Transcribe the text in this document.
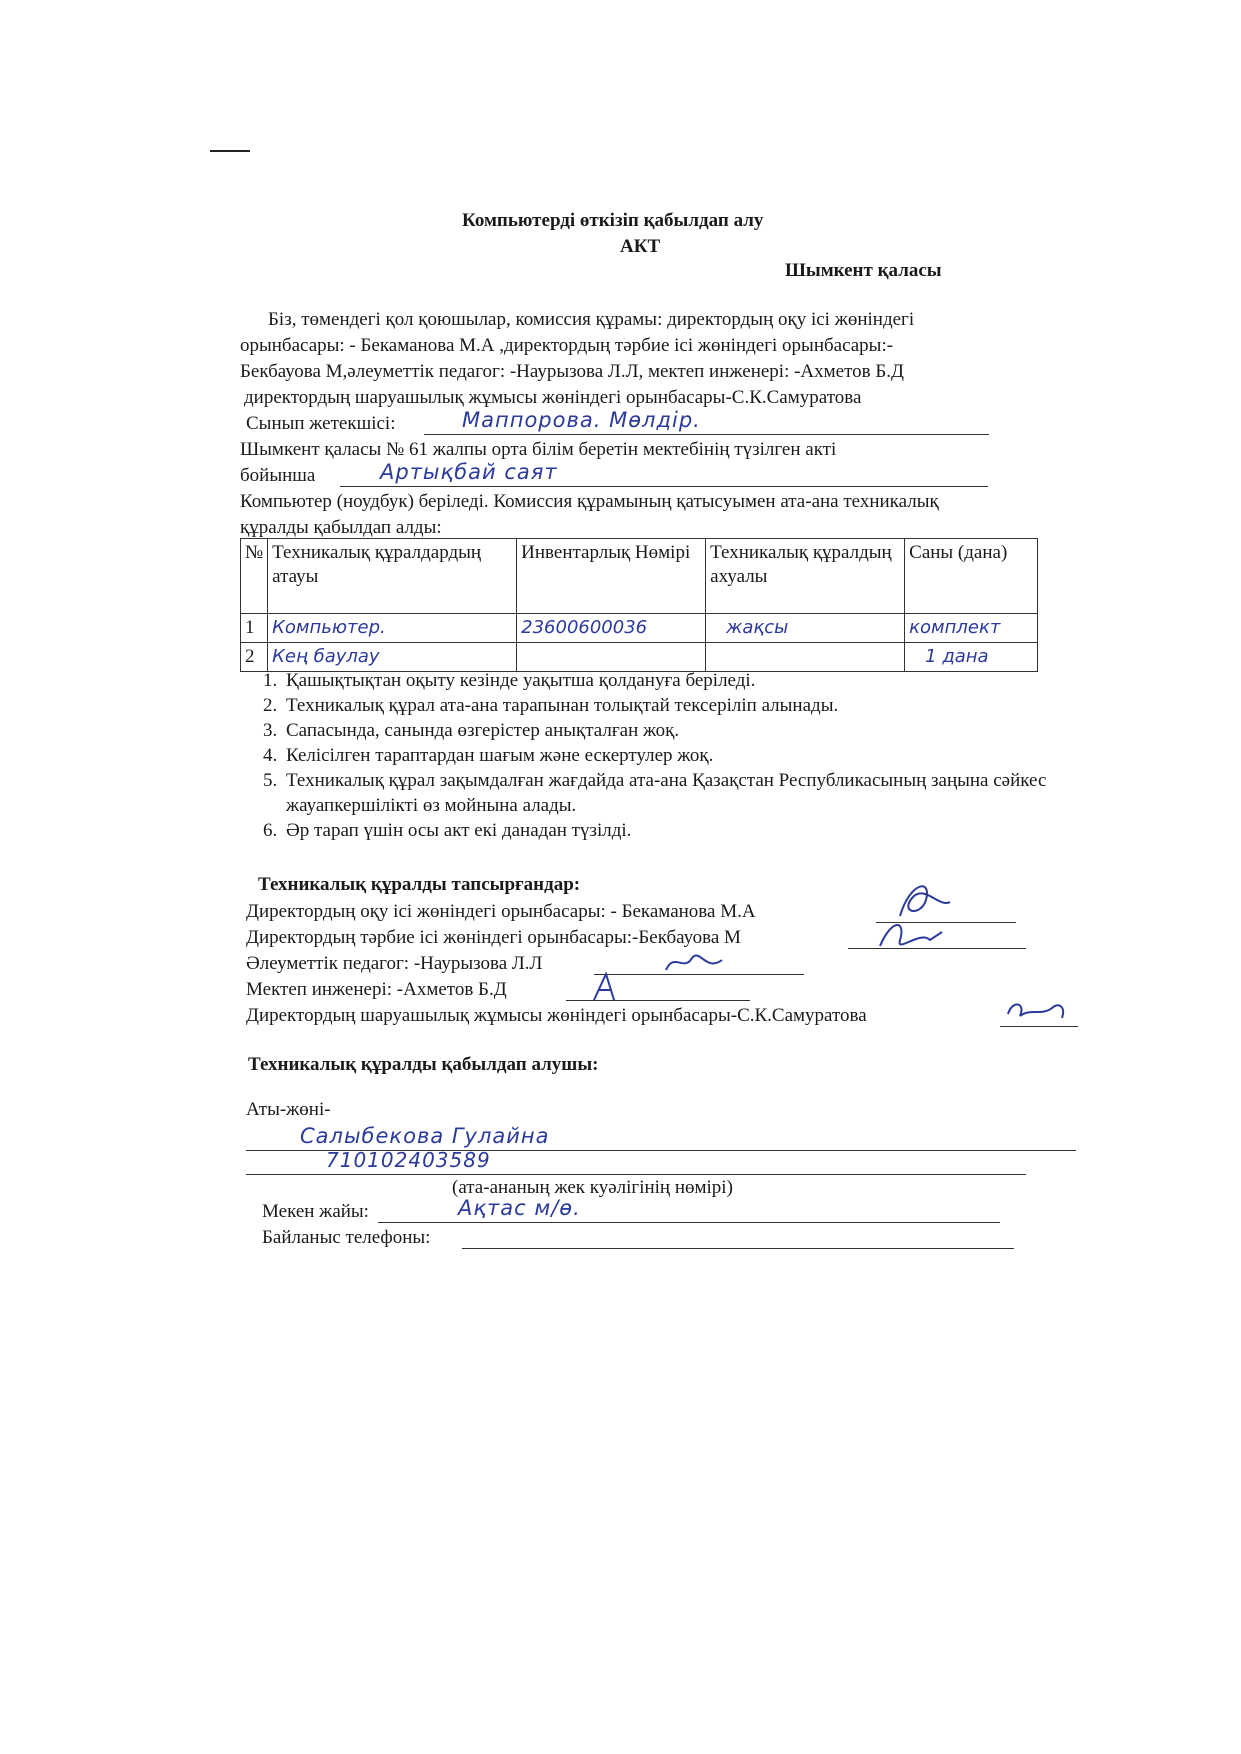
Компьютерді өткізіп қабылдап алу
АКТ
Шымкент қаласы
Біз, төмендегі қол қоюшылар, комиссия құрамы: директордың оқу ісі жөніндегі
орынбасары: - Бекаманова М.А ,директордың тәрбие ісі жөніндегі орынбасары:-
Бекбауова М,әлеуметтік педагог: -Наурызова Л.Л, мектеп инженері: -Ахметов Б.Д
директордың шаруашылық жұмысы жөніндегі орынбасары-С.К.Самуратова
Сынып жетекшісі:	Маппорова. Мөлдір.
Шымкент қаласы № 61 жалпы орта білім беретін мектебінің түзілген акті
бойынша	Артықбай саят
Компьютер (ноудбук) беріледі. Комиссия құрамының қатысуымен ата-ана техникалық
құралды қабылдап алды:
№	Техникалық құралдардың атауы	Инвентарлық Нөмірі	Техникалық құралдың ахуалы	Саны (дана)
1	Компьютер.	23600600036	жақсы	комплект
2	Кең баулау			1 дана
1. Қашықтықтан оқыту кезінде уақытша қолдануға беріледі.
2. Техникалық құрал ата-ана тарапынан толықтай тексеріліп алынады.
3. Сапасында, санында өзгерістер анықталған жоқ.
4. Келісілген тараптардан шағым және ескертулер жоқ.
5. Техникалық құрал зақымдалған жағдайда ата-ана Қазақстан Республикасының заңына сәйкес жауапкершілікті өз мойнына алады.
6. Әр тарап үшін осы акт екі данадан түзілді.
Техникалық құралды тапсырғандар:
Директордың оқу ісі жөніндегі орынбасары: - Бекаманова М.А
Директордың тәрбие ісі жөніндегі орынбасары:-Бекбауова М
Әлеуметтік педагог: -Наурызова Л.Л
Мектеп инженері: -Ахметов Б.Д
Директордың шаруашылық жұмысы жөніндегі орынбасары-С.К.Самуратова
Техникалық құралды қабылдап алушы:
Аты-жөні-
Салыбекова Гулайна
710102403589
(ата-ананың жек куәлігінің нөмірі)
Мекен жайы:	Ақтас м/ө.
Байланыс телефоны:
